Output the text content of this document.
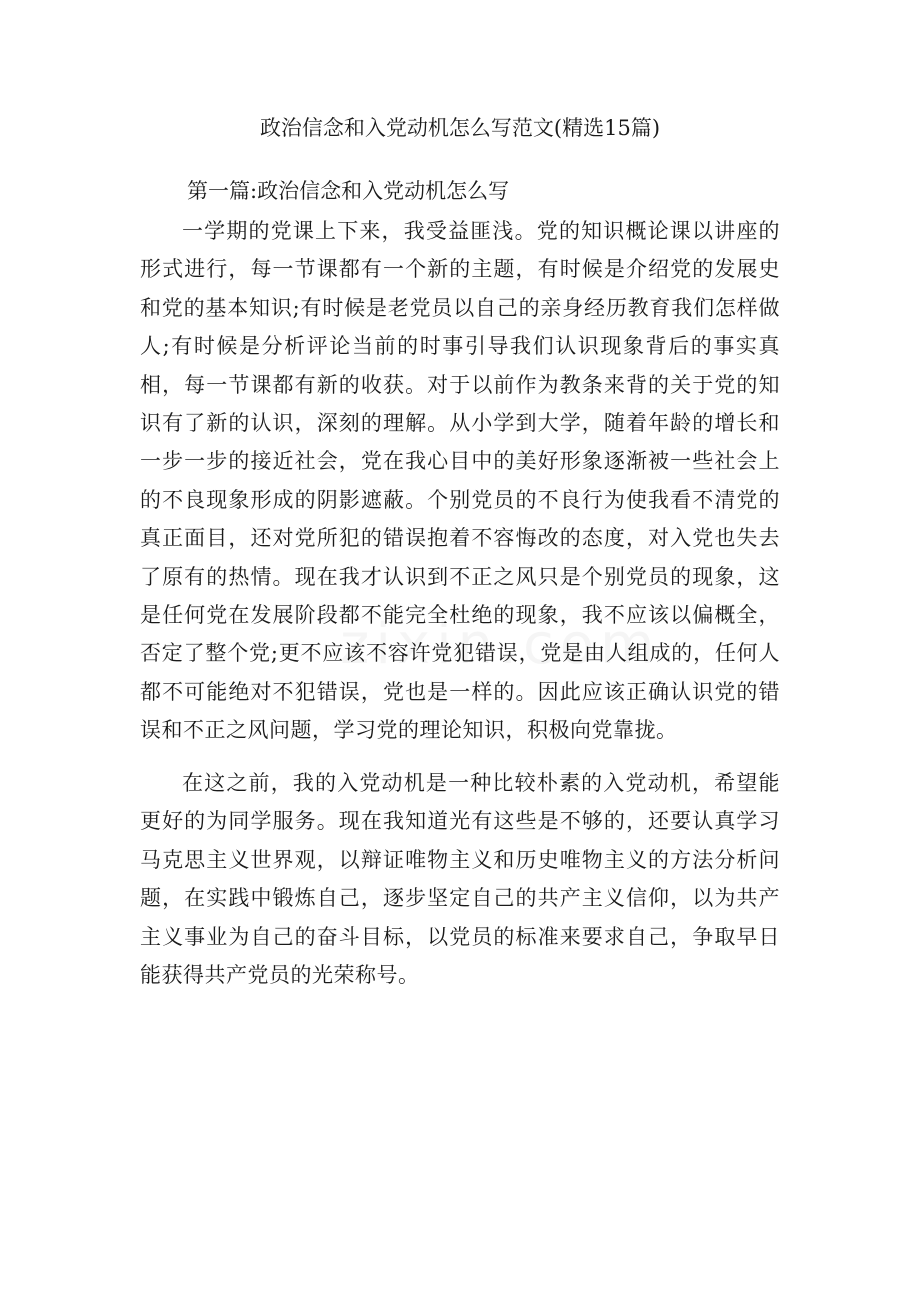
政治信念和入党动机怎么写范文(精选15篇)
第一篇:政治信念和入党动机怎么写

一学期的党课上下来，我受益匪浅。党的知识概论课以讲座的形式进行，每一节课都有一个新的主题，有时候是介绍党的发展史和党的基本知识;有时候是老党员以自己的亲身经历教育我们怎样做人;有时候是分析评论当前的时事引导我们认识现象背后的事实真相，每一节课都有新的收获。对于以前作为教条来背的关于党的知识有了新的认识，深刻的理解。从小学到大学，随着年龄的增长和一步一步的接近社会，党在我心目中的美好形象逐渐被一些社会上的不良现象形成的阴影遮蔽。个别党员的不良行为使我看不清党的真正面目，还对党所犯的错误抱着不容悔改的态度，对入党也失去了原有的热情。现在我才认识到不正之风只是个别党员的现象，这是任何党在发展阶段都不能完全杜绝的现象，我不应该以偏概全，否定了整个党;更不应该不容许党犯错误，党是由人组成的，任何人都不可能绝对不犯错误，党也是一样的。因此应该正确认识党的错误和不正之风问题，学习党的理论知识，积极向党靠拢。

在这之前，我的入党动机是一种比较朴素的入党动机，希望能更好的为同学服务。现在我知道光有这些是不够的，还要认真学习马克思主义世界观，以辩证唯物主义和历史唯物主义的方法分析问题，在实践中锻炼自己，逐步坚定自己的共产主义信仰，以为共产主义事业为自己的奋斗目标，以党员的标准来要求自己，争取早日能获得共产党员的光荣称号。
